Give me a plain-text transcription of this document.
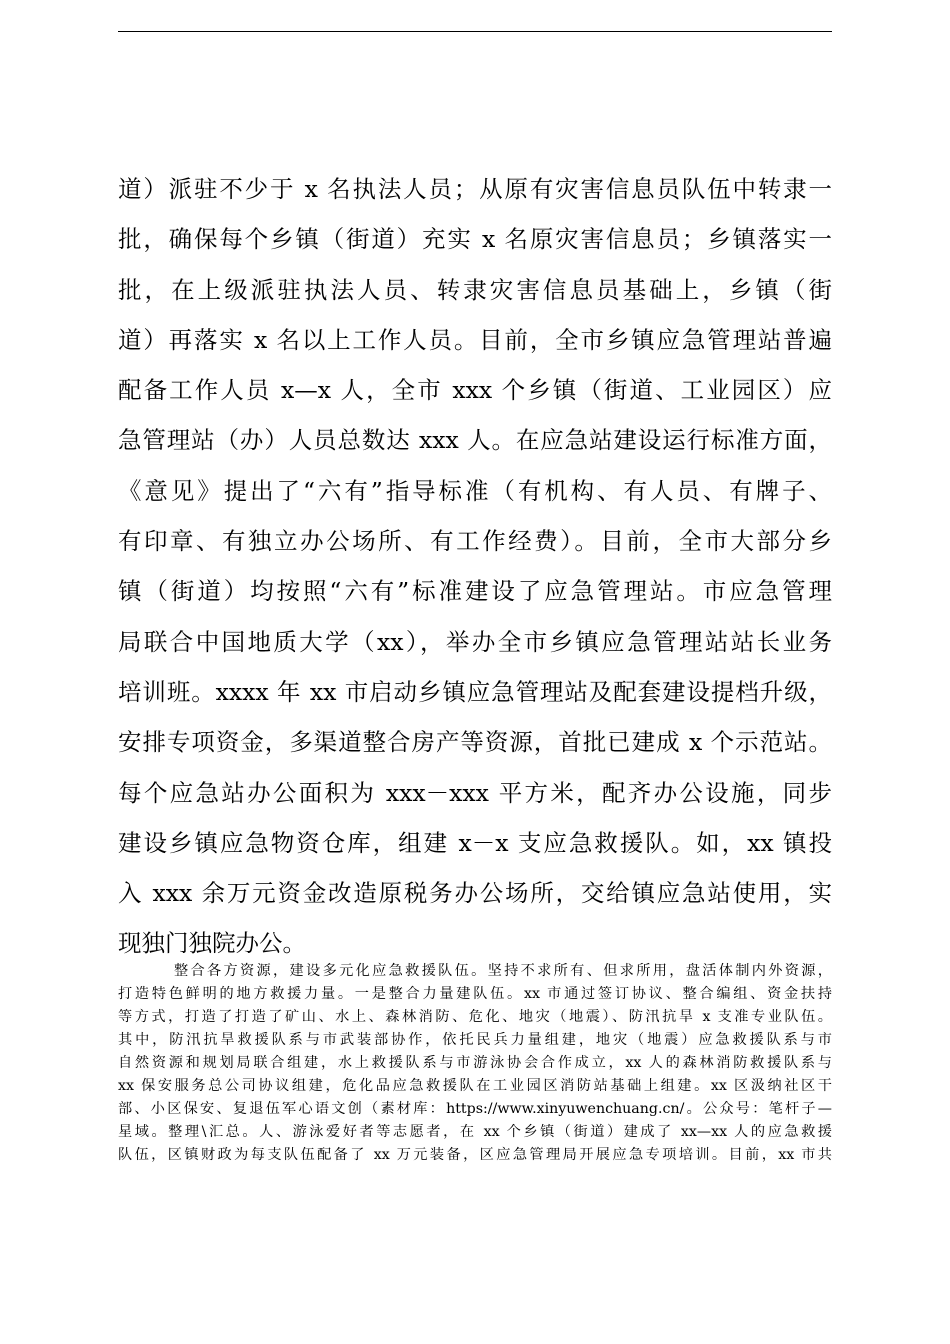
道）派驻不少于 x 名执法人员；从原有灾害信息员队伍中转隶一
批，确保每个乡镇（街道）充实 x 名原灾害信息员；乡镇落实一
批，在上级派驻执法人员、转隶灾害信息员基础上，乡镇（街
道）再落实 x 名以上工作人员。目前，全市乡镇应急管理站普遍
配备工作人员 x—x 人，全市 xxx 个乡镇（街道、工业园区）应
急管理站（办）人员总数达 xxx 人。在应急站建设运行标准方面，
《意见》提出了“六有”指导标准（有机构、有人员、有牌子、
有印章、有独立办公场所、有工作经费）。目前，全市大部分乡
镇（街道）均按照“六有”标准建设了应急管理站。市应急管理
局联合中国地质大学（xx），举办全市乡镇应急管理站站长业务
培训班。xxxx 年 xx 市启动乡镇应急管理站及配套建设提档升级，
安排专项资金，多渠道整合房产等资源，首批已建成 x 个示范站。
每个应急站办公面积为 xxx－xxx 平方米，配齐办公设施，同步
建设乡镇应急物资仓库，组建 x－x 支应急救援队。如，xx 镇投
入 xxx 余万元资金改造原税务办公场所，交给镇应急站使用，实
现独门独院办公。
整合各方资源，建设多元化应急救援队伍。坚持不求所有、但求所用，盘活体制内外资源，
打造特色鲜明的地方救援力量。一是整合力量建队伍。xx 市通过签订协议、整合编组、资金扶持
等方式，打造了打造了矿山、水上、森林消防、危化、地灾（地震）、防汛抗旱 x 支准专业队伍。
其中，防汛抗旱救援队系与市武装部协作，依托民兵力量组建，地灾（地震）应急救援队系与市
自然资源和规划局联合组建，水上救援队系与市游泳协会合作成立，xx 人的森林消防救援队系与
xx 保安服务总公司协议组建，危化品应急救援队在工业园区消防站基础上组建。xx 区汲纳社区干
部、小区保安、复退伍军心语文创（素材库：https://www.xinyuwenchuang.cn/。公众号：笔杆子—
星域。整理\汇总。人、游泳爱好者等志愿者，在 xx 个乡镇（街道）建成了 xx—xx 人的应急救援
队伍，区镇财政为每支队伍配备了 xx 万元装备，区应急管理局开展应急专项培训。目前，xx 市共
